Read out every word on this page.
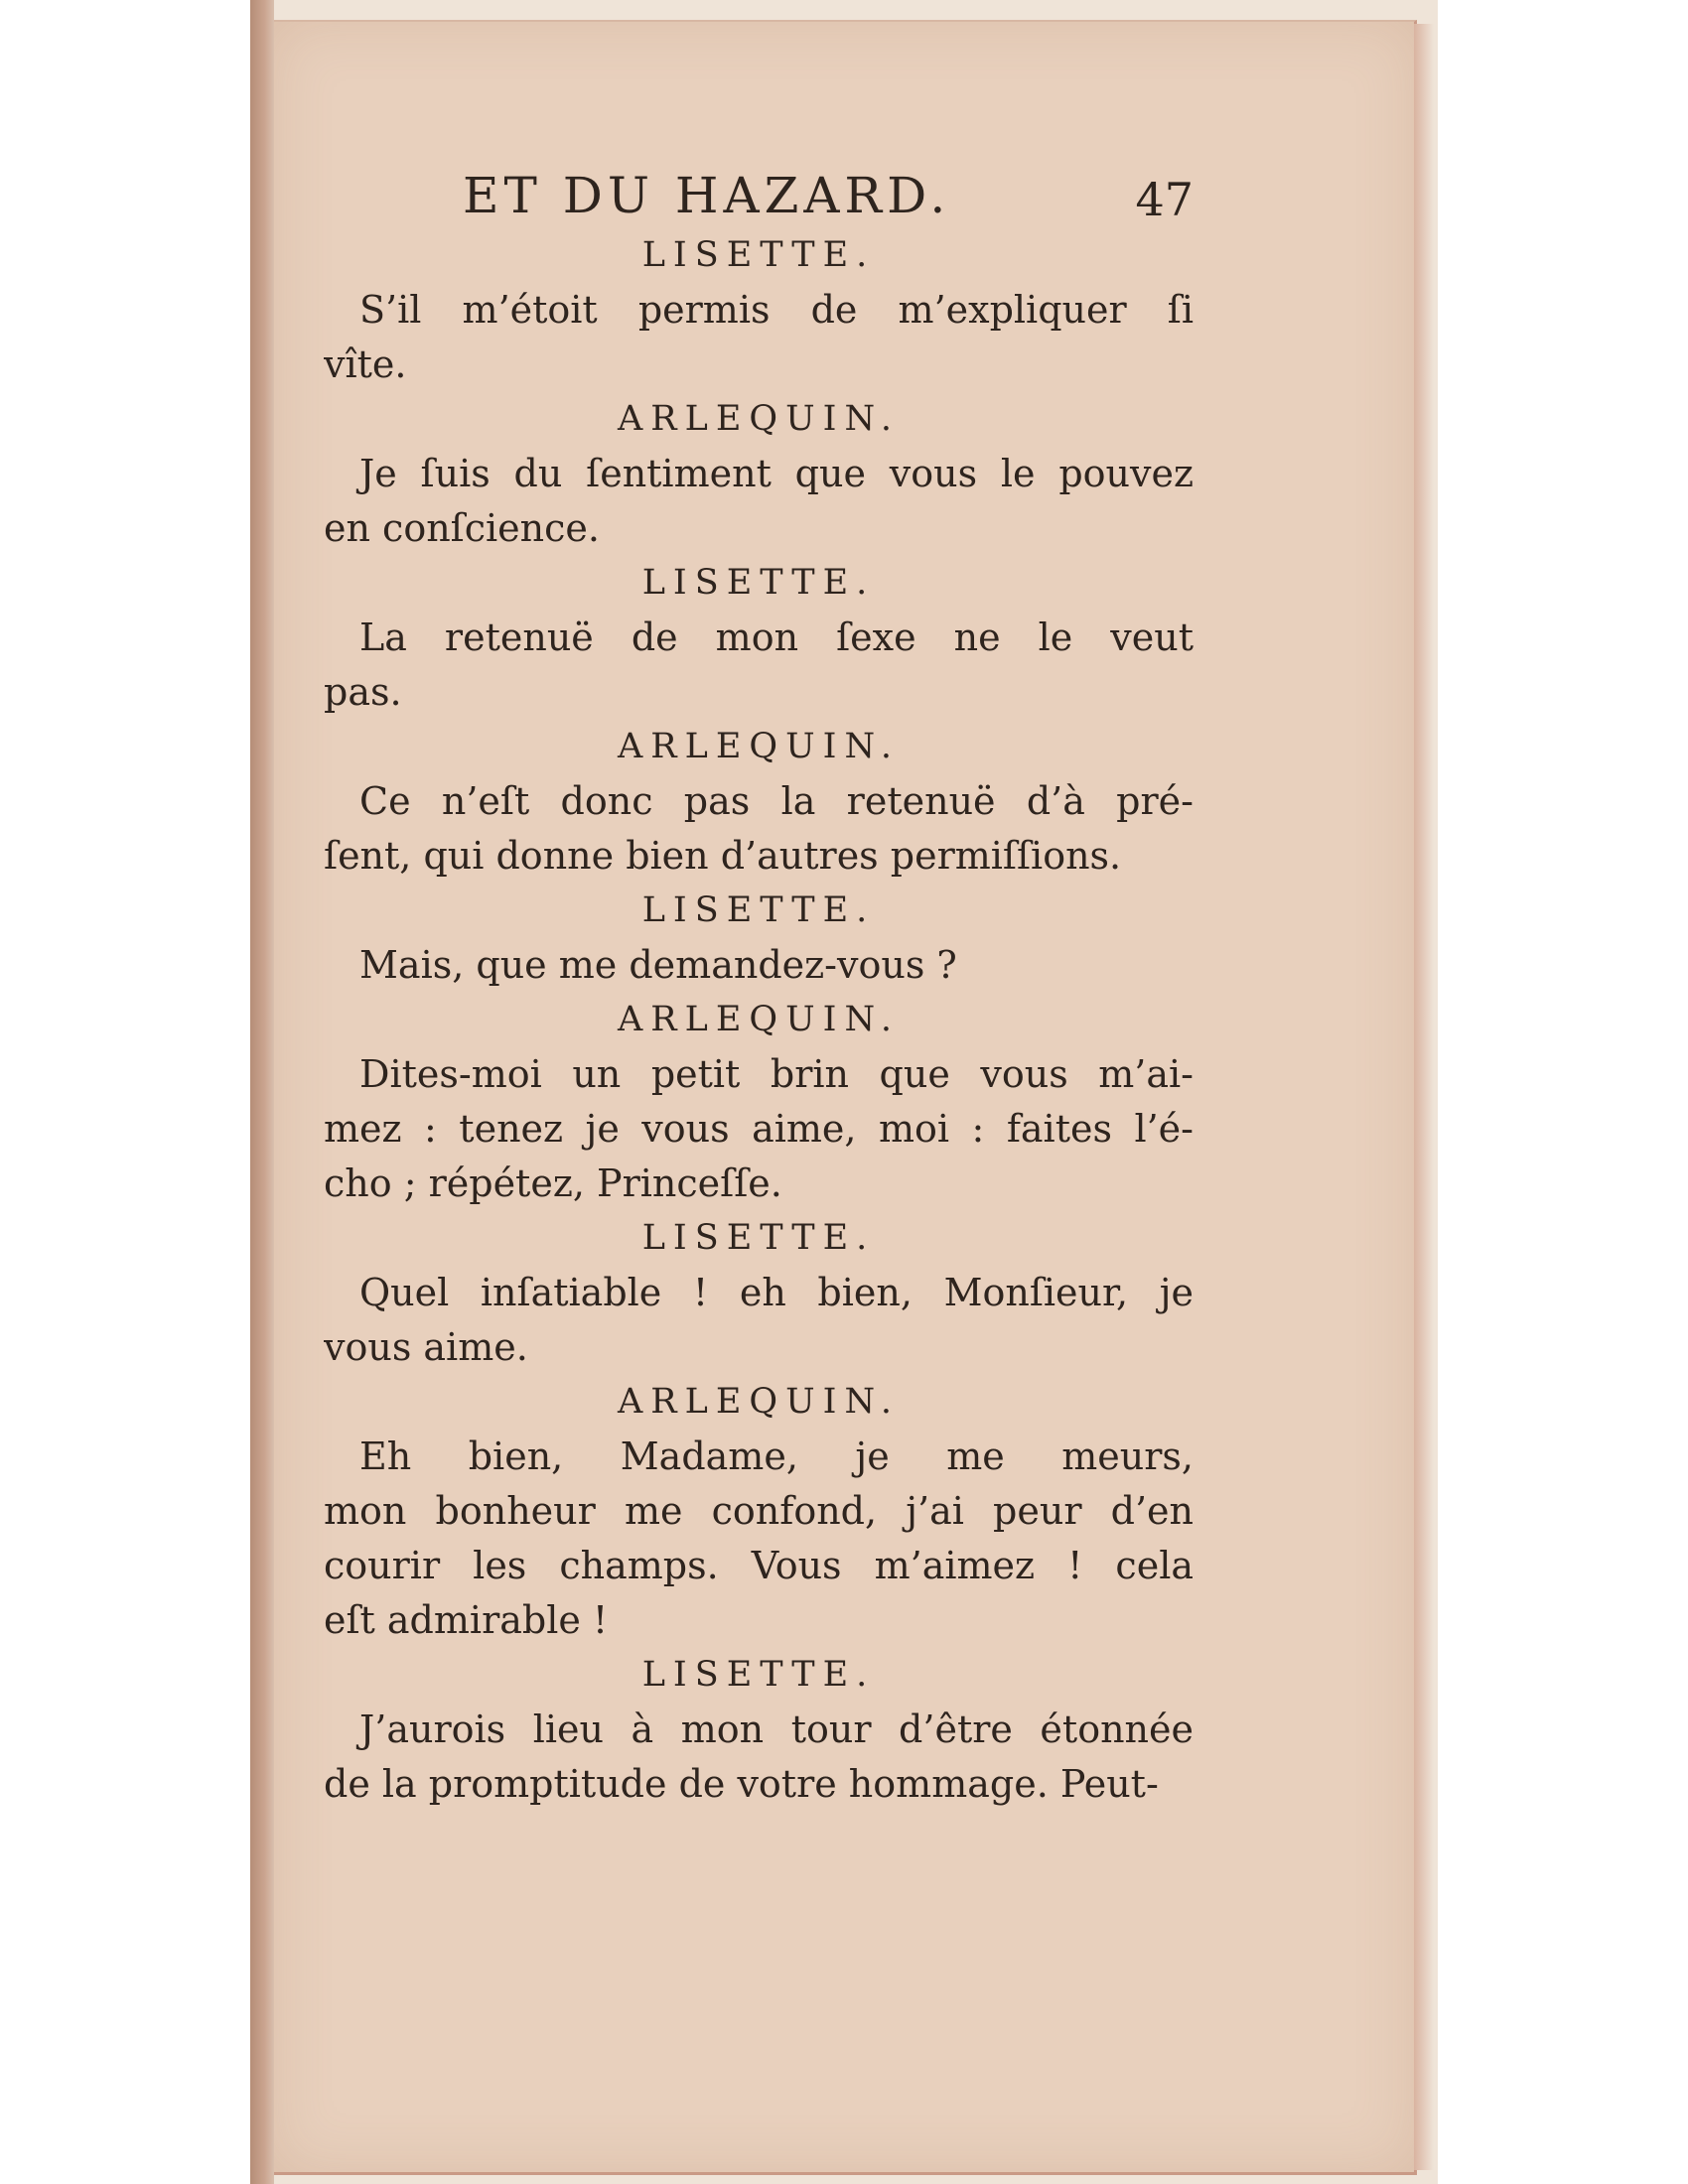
ET DU HAZARD.	47
LISETTE.
S’il m’étoit permis de m’expliquer ſi
vîte.
ARLEQUIN.
Je ſuis du ſentiment que vous le pouvez
en conſcience.
LISETTE.
La retenuë de mon ſexe ne le veut
pas.
ARLEQUIN.
Ce n’eſt donc pas la retenuë d’à pré-
ſent, qui donne bien d’autres permiſſions.
LISETTE.
Mais, que me demandez-vous ?
ARLEQUIN.
Dites-moi un petit brin que vous m’ai-
mez : tenez je vous aime, moi : faites l’é-
cho ; répétez, Princeſſe.
LISETTE.
Quel inſatiable ! eh bien, Monſieur, je
vous aime.
ARLEQUIN.
Eh bien, Madame, je me meurs,
mon bonheur me confond, j’ai peur d’en
courir les champs. Vous m’aimez ! cela
eſt admirable !
LISETTE.
J’aurois lieu à mon tour d’être étonnée
de la promptitude de votre hommage. Peut-
